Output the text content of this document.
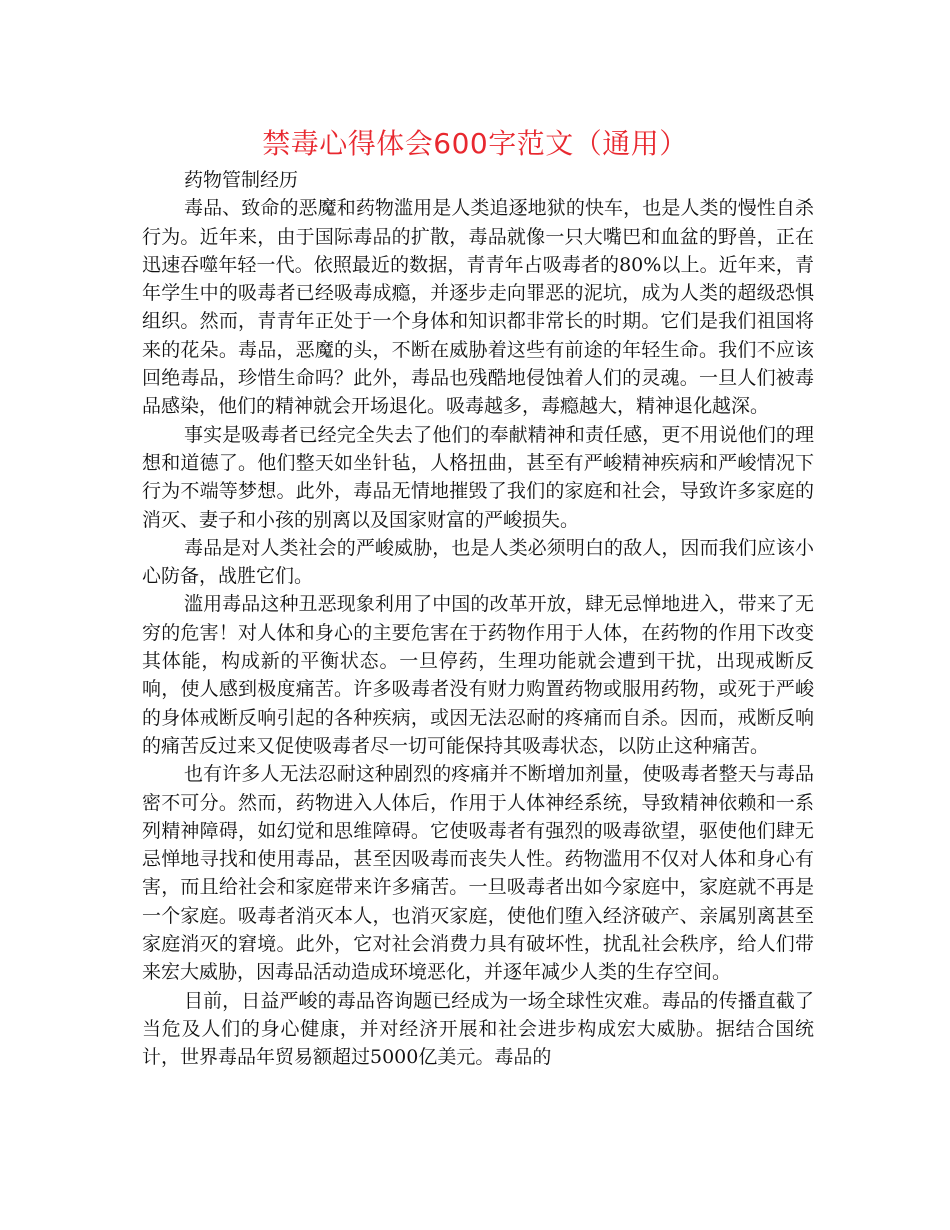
禁毒心得体会600字范文（通用）

药物管制经历

毒品、致命的恶魔和药物滥用是人类追逐地狱的快车，也是人类的慢性自杀行为。近年来，由于国际毒品的扩散，毒品就像一只大嘴巴和血盆的野兽，正在迅速吞噬年轻一代。依照最近的数据，青青年占吸毒者的80%以上。近年来，青年学生中的吸毒者已经吸毒成瘾，并逐步走向罪恶的泥坑，成为人类的超级恐惧组织。然而，青青年正处于一个身体和知识都非常长的时期。它们是我们祖国将来的花朵。毒品，恶魔的头，不断在威胁着这些有前途的年轻生命。我们不应该回绝毒品，珍惜生命吗？此外，毒品也残酷地侵蚀着人们的灵魂。一旦人们被毒品感染，他们的精神就会开场退化。吸毒越多，毒瘾越大，精神退化越深。

事实是吸毒者已经完全失去了他们的奉献精神和责任感，更不用说他们的理想和道德了。他们整天如坐针毡，人格扭曲，甚至有严峻精神疾病和严峻情况下行为不端等梦想。此外，毒品无情地摧毁了我们的家庭和社会，导致许多家庭的消灭、妻子和小孩的别离以及国家财富的严峻损失。

毒品是对人类社会的严峻威胁，也是人类必须明白的敌人，因而我们应该小心防备，战胜它们。

滥用毒品这种丑恶现象利用了中国的改革开放，肆无忌惮地进入，带来了无穷的危害！对人体和身心的主要危害在于药物作用于人体，在药物的作用下改变其体能，构成新的平衡状态。一旦停药，生理功能就会遭到干扰，出现戒断反响，使人感到极度痛苦。许多吸毒者没有财力购置药物或服用药物，或死于严峻的身体戒断反响引起的各种疾病，或因无法忍耐的疼痛而自杀。因而，戒断反响的痛苦反过来又促使吸毒者尽一切可能保持其吸毒状态，以防止这种痛苦。

也有许多人无法忍耐这种剧烈的疼痛并不断增加剂量，使吸毒者整天与毒品密不可分。然而，药物进入人体后，作用于人体神经系统，导致精神依赖和一系列精神障碍，如幻觉和思维障碍。它使吸毒者有强烈的吸毒欲望，驱使他们肆无忌惮地寻找和使用毒品，甚至因吸毒而丧失人性。药物滥用不仅对人体和身心有害，而且给社会和家庭带来许多痛苦。一旦吸毒者出如今家庭中，家庭就不再是一个家庭。吸毒者消灭本人，也消灭家庭，使他们堕入经济破产、亲属别离甚至家庭消灭的窘境。此外，它对社会消费力具有破坏性，扰乱社会秩序，给人们带来宏大威胁，因毒品活动造成环境恶化，并逐年减少人类的生存空间。

目前，日益严峻的毒品咨询题已经成为一场全球性灾难。毒品的传播直截了当危及人们的身心健康，并对经济开展和社会进步构成宏大威胁。据结合国统计，世界毒品年贸易额超过5000亿美元。毒品的
